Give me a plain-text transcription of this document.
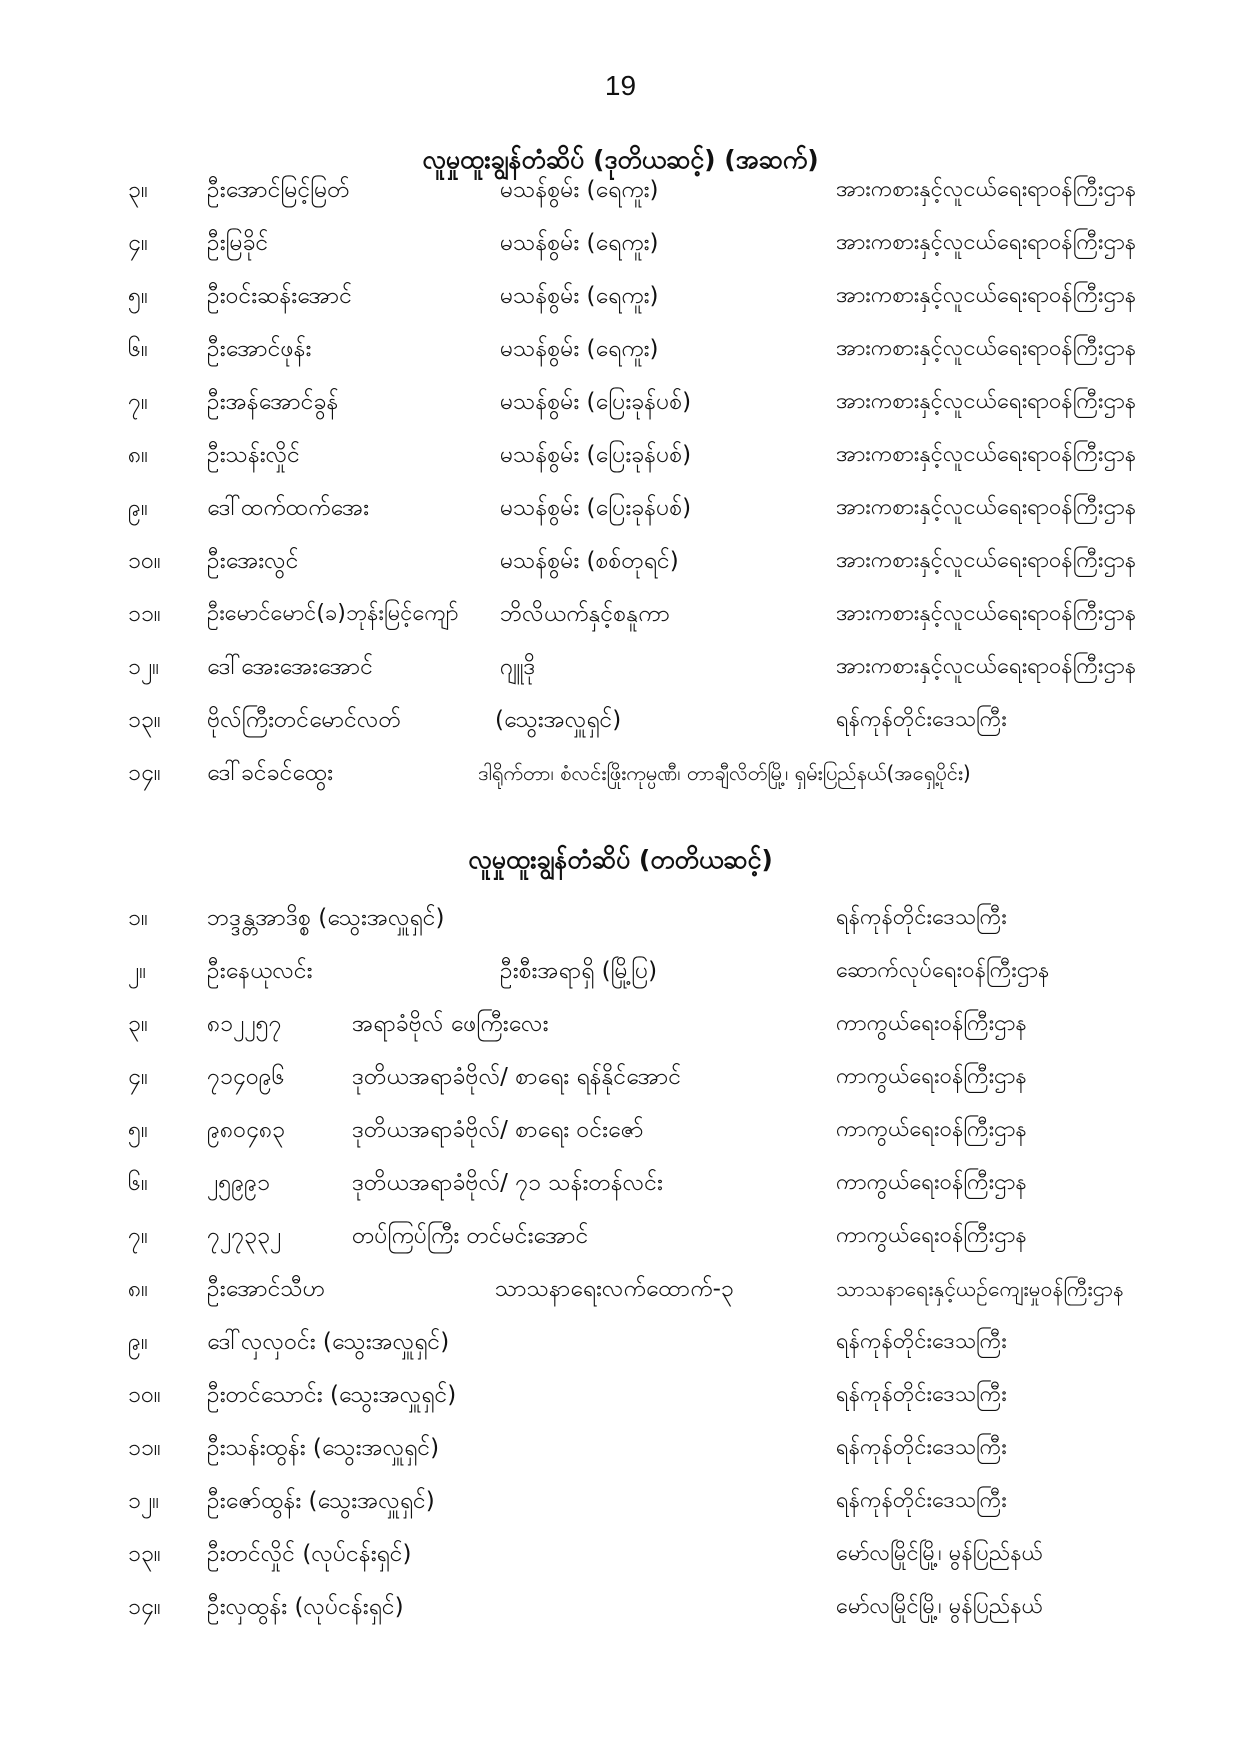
19
လူမှုထူးချွန်တံဆိပ် (ဒုတိယဆင့်) (အဆက်)
၃။	ဦးအောင်မြင့်မြတ်	မသန်စွမ်း (ရေကူး)	အားကစားနှင့်လူငယ်ရေးရာဝန်ကြီးဌာန
၄။	ဦးမြခိုင်	မသန်စွမ်း (ရေကူး)	အားကစားနှင့်လူငယ်ရေးရာဝန်ကြီးဌာန
၅။	ဦးဝင်းဆန်းအောင်	မသန်စွမ်း (ရေကူး)	အားကစားနှင့်လူငယ်ရေးရာဝန်ကြီးဌာန
၆။	ဦးအောင်ဖုန်း	မသန်စွမ်း (ရေကူး)	အားကစားနှင့်လူငယ်ရေးရာဝန်ကြီးဌာန
၇။	ဦးအန်အောင်ခွန်	မသန်စွမ်း (ပြေးခုန်ပစ်)	အားကစားနှင့်လူငယ်ရေးရာဝန်ကြီးဌာန
၈။	ဦးသန်းလှိုင်	မသန်စွမ်း (ပြေးခုန်ပစ်)	အားကစားနှင့်လူငယ်ရေးရာဝန်ကြီးဌာန
၉။	ဒေါ်ထက်ထက်အေး	မသန်စွမ်း (ပြေးခုန်ပစ်)	အားကစားနှင့်လူငယ်ရေးရာဝန်ကြီးဌာန
၁၀။ ဦးအေးလွင်	မသန်စွမ်း (စစ်တုရင်)	အားကစားနှင့်လူငယ်ရေးရာဝန်ကြီးဌာန
၁၁။ ဦးမောင်မောင်(ခ)ဘုန်းမြင့်ကျော် ဘိလိယက်နှင့်စနူကာ	အားကစားနှင့်လူငယ်ရေးရာဝန်ကြီးဌာန
၁၂။ ဒေါ်အေးအေးအောင်	ဂျူဒို	အားကစားနှင့်လူငယ်ရေးရာဝန်ကြီးဌာန
၁၃။ ဗိုလ်ကြီးတင်မောင်လတ်	(သွေးအလှူရှင်)	ရန်ကုန်တိုင်းဒေသကြီး
၁၄။ ဒေါ်ခင်ခင်ထွေး	ဒါရိုက်တာ၊ စံလင်းဖြိုးကုမ္ပဏီ၊ တာချီလိတ်မြို့၊ ရှမ်းပြည်နယ်(အရှေ့ပိုင်း)
လူမှုထူးချွန်တံဆိပ် (တတိယဆင့်)
၁။	ဘဒ္ဒန္တအာဒိစ္စ (သွေးအလှူရှင်)	ရန်ကုန်တိုင်းဒေသကြီး
၂။	ဦးနေယုလင်း	ဦးစီးအရာရှိ (မြို့ပြ)	ဆောက်လုပ်ရေးဝန်ကြီးဌာန
၃။	၈၁၂၂၅၇	အရာခံဗိုလ် ဖေကြီးလေး	ကာကွယ်ရေးဝန်ကြီးဌာန
၄။	၇၁၄၀၉၆	ဒုတိယအရာခံဗိုလ်/ စာရေး ရန်နိုင်အောင်	ကာကွယ်ရေးဝန်ကြီးဌာန
၅။	၉၈၀၄၈၃	ဒုတိယအရာခံဗိုလ်/ စာရေး ဝင်းဇော်	ကာကွယ်ရေးဝန်ကြီးဌာန
၆။	၂၅၉၉၁	ဒုတိယအရာခံဗိုလ်/ ၇၁ သန်းတန်လင်း	ကာကွယ်ရေးဝန်ကြီးဌာန
၇။	၇၂၇၃၃၂	တပ်ကြပ်ကြီး တင်မင်းအောင်	ကာကွယ်ရေးဝန်ကြီးဌာန
၈။	ဦးအောင်သီဟ	သာသနာရေးလက်ထောက်-၃	သာသနာရေးနှင့်ယဉ်ကျေးမှုဝန်ကြီးဌာန
၉။	ဒေါ်လှလှဝင်း (သွေးအလှူရှင်)	ရန်ကုန်တိုင်းဒေသကြီး
၁၀။ ဦးတင်သောင်း (သွေးအလှူရှင်)	ရန်ကုန်တိုင်းဒေသကြီး
၁၁။ ဦးသန်းထွန်း (သွေးအလှူရှင်)	ရန်ကုန်တိုင်းဒေသကြီး
၁၂။ ဦးဇော်ထွန်း (သွေးအလှူရှင်)	ရန်ကုန်တိုင်းဒေသကြီး
၁၃။ ဦးတင်လှိုင် (လုပ်ငန်းရှင်)	မော်လမြိုင်မြို့၊ မွန်ပြည်နယ်
၁၄။ ဦးလှထွန်း (လုပ်ငန်းရှင်)	မော်လမြိုင်မြို့၊ မွန်ပြည်နယ်
